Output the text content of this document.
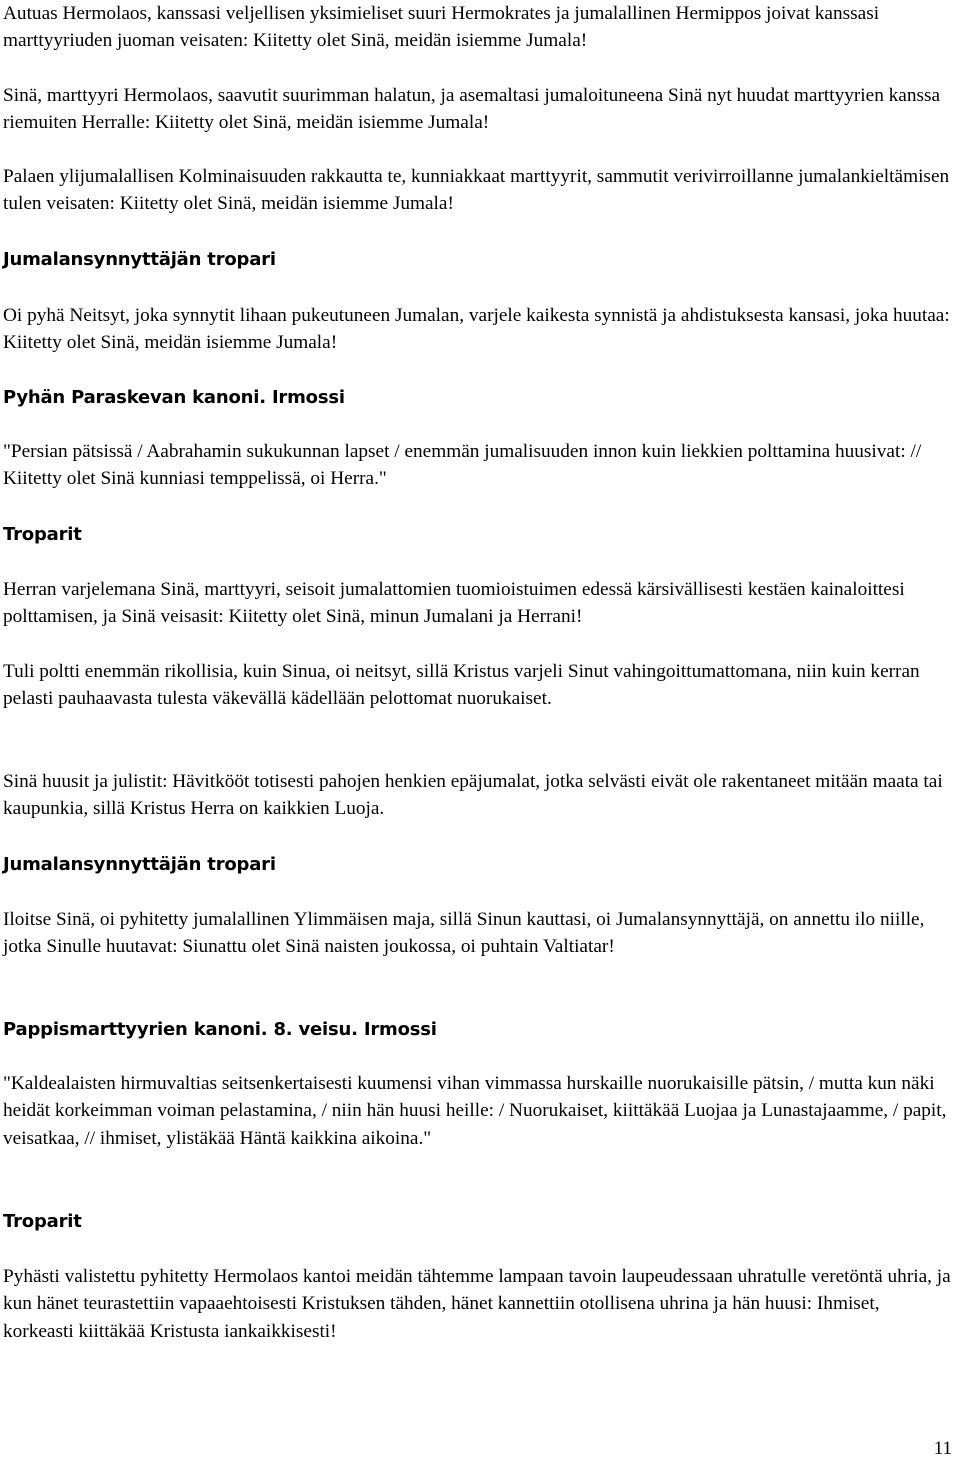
Autuas Hermolaos, kanssasi veljellisen yksimieliset suuri Hermokrates ja jumalallinen Hermippos joivat kanssasi marttyyriuden juoman veisaten: Kiitetty olet Sinä, meidän isiemme Jumala!

Sinä, marttyyri Hermolaos, saavutit suurimman halatun, ja asemaltasi jumaloituneena Sinä nyt huudat marttyyrien kanssa riemuiten Herralle: Kiitetty olet Sinä, meidän isiemme Jumala!

Palaen ylijumalallisen Kolminaisuuden rakkautta te, kunniakkaat marttyyrit, sammutit verivirroillanne jumalankieltämisen tulen veisaten: Kiitetty olet Sinä, meidän isiemme Jumala!

Jumalansynnyttäjän tropari

Oi pyhä Neitsyt, joka synnytit lihaan pukeutuneen Jumalan, varjele kaikesta synnistä ja ahdistuksesta kansasi, joka huutaa: Kiitetty olet Sinä, meidän isiemme Jumala!

Pyhän Paraskevan kanoni. Irmossi

"Persian pätsissä / Aabrahamin sukukunnan lapset / enemmän jumalisuuden innon kuin liekkien polttamina huusivat: // Kiitetty olet Sinä kunniasi temppelissä, oi Herra."

Troparit

Herran varjelemana Sinä, marttyyri, seisoit jumalattomien tuomioistuimen edessä kärsivällisesti kestäen kainaloittesi polttamisen, ja Sinä veisasit: Kiitetty olet Sinä, minun Jumalani ja Herrani!

Tuli poltti enemmän rikollisia, kuin Sinua, oi neitsyt, sillä Kristus varjeli Sinut vahingoittumattomana, niin kuin kerran pelasti pauhaavasta tulesta väkevällä kädellään pelottomat nuorukaiset.

Sinä huusit ja julistit: Hävitkööt totisesti pahojen henkien epäjumalat, jotka selvästi eivät ole rakentaneet mitään maata tai kaupunkia, sillä Kristus Herra on kaikkien Luoja.

Jumalansynnyttäjän tropari

Iloitse Sinä, oi pyhitetty jumalallinen Ylimmäisen maja, sillä Sinun kauttasi, oi Jumalansynnyttäjä, on annettu ilo niille, jotka Sinulle huutavat: Siunattu olet Sinä naisten joukossa, oi puhtain Valtiatar!

Pappismarttyyrien kanoni. 8. veisu. Irmossi

"Kaldealaisten hirmuvaltias seitsenkertaisesti kuumensi vihan vimmassa hurskaille nuorukaisille pätsin, / mutta kun näki heidät korkeimman voiman pelastamina, / niin hän huusi heille: / Nuorukaiset, kiittäkää Luojaa ja Lunastajaamme, / papit, veisatkaa, // ihmiset, ylistäkää Häntä kaikkina aikoina."

Troparit

Pyhästi valistettu pyhitetty Hermolaos kantoi meidän tähtemme lampaan tavoin laupeudessaan uhratulle veretöntä uhria, ja kun hänet teurastettiin vapaaehtoisesti Kristuksen tähden, hänet kannettiin otollisena uhrina ja hän huusi: Ihmiset, korkeasti kiittäkää Kristusta iankaikkisesti!

11
